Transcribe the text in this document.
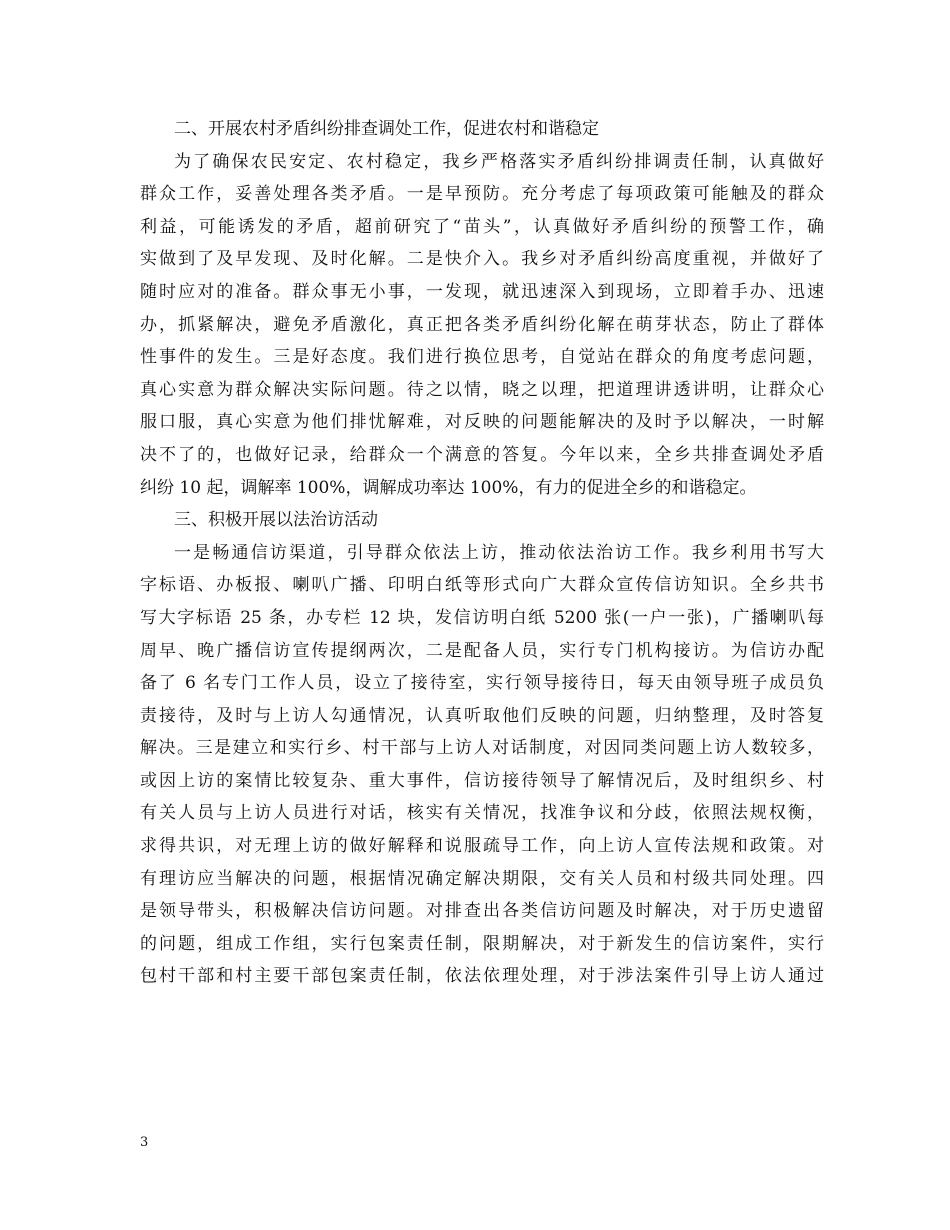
二、开展农村矛盾纠纷排查调处工作，促进农村和谐稳定
为了确保农民安定、农村稳定，我乡严格落实矛盾纠纷排调责任制，认真做好
群众工作，妥善处理各类矛盾。一是早预防。充分考虑了每项政策可能触及的群众
利益，可能诱发的矛盾，超前研究了“苗头”，认真做好矛盾纠纷的预警工作，确
实做到了及早发现、及时化解。二是快介入。我乡对矛盾纠纷高度重视，并做好了
随时应对的准备。群众事无小事，一发现，就迅速深入到现场，立即着手办、迅速
办，抓紧解决，避免矛盾激化，真正把各类矛盾纠纷化解在萌芽状态，防止了群体
性事件的发生。三是好态度。我们进行换位思考，自觉站在群众的角度考虑问题，
真心实意为群众解决实际问题。待之以情，晓之以理，把道理讲透讲明，让群众心
服口服，真心实意为他们排忧解难，对反映的问题能解决的及时予以解决，一时解
决不了的，也做好记录，给群众一个满意的答复。今年以来，全乡共排查调处矛盾
纠纷 10 起，调解率 100%，调解成功率达 100%，有力的促进全乡的和谐稳定。
三、积极开展以法治访活动
一是畅通信访渠道，引导群众依法上访，推动依法治访工作。我乡利用书写大
字标语、办板报、喇叭广播、印明白纸等形式向广大群众宣传信访知识。全乡共书
写大字标语 25 条，办专栏 12 块，发信访明白纸 5200 张(一户一张)，广播喇叭每
周早、晚广播信访宣传提纲两次，二是配备人员，实行专门机构接访。为信访办配
备了 6 名专门工作人员，设立了接待室，实行领导接待日，每天由领导班子成员负
责接待，及时与上访人勾通情况，认真听取他们反映的问题，归纳整理，及时答复
解决。三是建立和实行乡、村干部与上访人对话制度，对因同类问题上访人数较多，
或因上访的案情比较复杂、重大事件，信访接待领导了解情况后，及时组织乡、村
有关人员与上访人员进行对话，核实有关情况，找准争议和分歧，依照法规权衡，
求得共识，对无理上访的做好解释和说服疏导工作，向上访人宣传法规和政策。对
有理访应当解决的问题，根据情况确定解决期限，交有关人员和村级共同处理。四
是领导带头，积极解决信访问题。对排查出各类信访问题及时解决，对于历史遗留
的问题，组成工作组，实行包案责任制，限期解决，对于新发生的信访案件，实行
包村干部和村主要干部包案责任制，依法依理处理，对于涉法案件引导上访人通过
3
